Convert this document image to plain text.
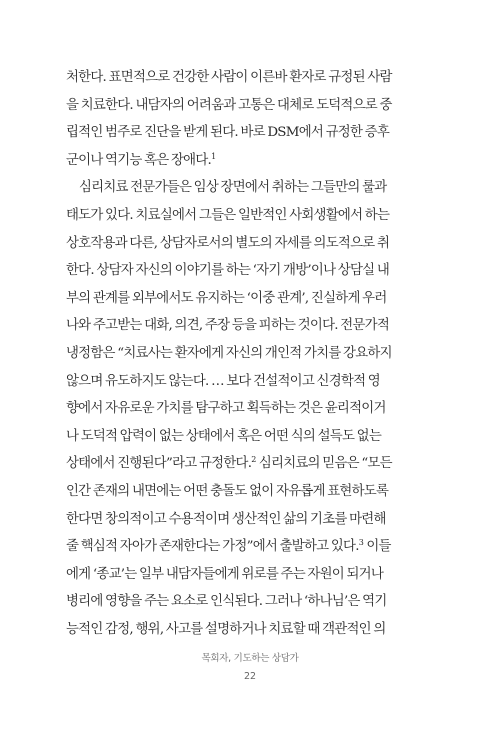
처한다. 표면적으로 건강한 사람이 이른바 환자로 규정된 사람
을 치료한다. 내담자의 어려움과 고통은 대체로 도덕적으로 중
립적인 범주로 진단을 받게 된다. 바로 DSM에서 규정한 증후
군이나 역기능 혹은 장애다.$^1$
심리치료 전문가들은 임상 장면에서 취하는 그들만의 룰과
태도가 있다. 치료실에서 그들은 일반적인 사회생활에서 하는
상호작용과 다른, 상담자로서의 별도의 자세를 의도적으로 취
한다. 상담자 자신의 이야기를 하는 ‘자기 개방’이나 상담실 내
부의 관계를 외부에서도 유지하는 ‘이중 관계’, 진실하게 우러
나와 주고받는 대화, 의견, 주장 등을 피하는 것이다. 전문가적
냉정함은 “치료사는 환자에게 자신의 개인적 가치를 강요하지
않으며 유도하지도 않는다. … 보다 건설적이고 신경학적 영
향에서 자유로운 가치를 탐구하고 획득하는 것은 윤리적이거
나 도덕적 압력이 없는 상태에서 혹은 어떤 식의 설득도 없는
상태에서 진행된다”라고 규정한다.$^2$ 심리치료의 믿음은 “모든
인간 존재의 내면에는 어떤 충돌도 없이 자유롭게 표현하도록
한다면 창의적이고 수용적이며 생산적인 삶의 기초를 마련해
줄 핵심적 자아가 존재한다는 가정”에서 출발하고 있다.$^3$ 이들
에게 ‘종교’는 일부 내담자들에게 위로를 주는 자원이 되거나
병리에 영향을 주는 요소로 인식된다. 그러나 ‘하나님’은 역기
능적인 감정, 행위, 사고를 설명하거나 치료할 때 객관적인 의
목회자, 기도하는 상담가
22
